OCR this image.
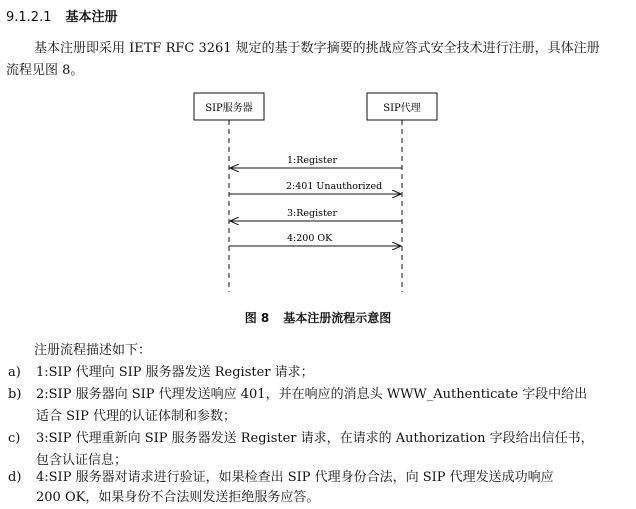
9.1.2.1 基本注册
基本注册即采用 IETF RFC 3261 规定的基于数字摘要的挑战应答式安全技术进行注册，具体注册
流程见图 8。
SIP服务器	SIP代理
1:Register
2:401 Unauthorized
3:Register
4:200 OK
图 8 基本注册流程示意图
注册流程描述如下：
a) 1:SIP 代理向 SIP 服务器发送 Register 请求；
b) 2:SIP 服务器向 SIP 代理发送响应 401，并在响应的消息头 WWW_Authenticate 字段中给出
适合 SIP 代理的认证体制和参数；
c) 3:SIP 代理重新向 SIP 服务器发送 Register 请求，在请求的 Authorization 字段给出信任书，
包含认证信息；
d) 4:SIP 服务器对请求进行验证，如果检查出 SIP 代理身份合法，向 SIP 代理发送成功响应
200 OK，如果身份不合法则发送拒绝服务应答。
